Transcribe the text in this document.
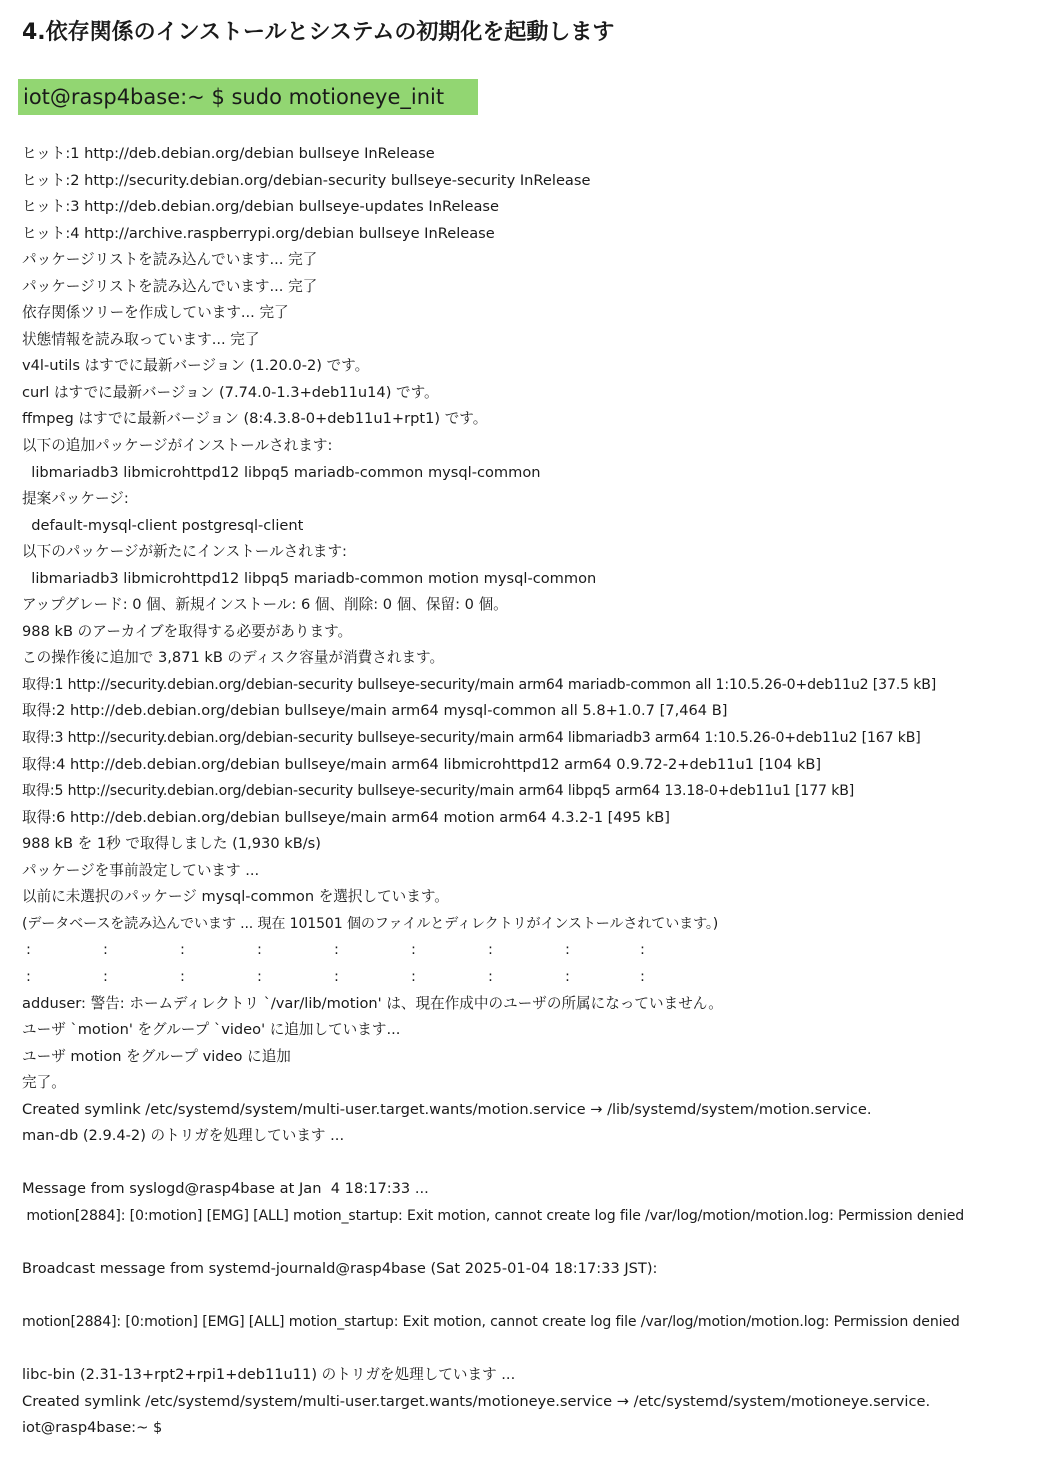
4.依存関係のインストールとシステムの初期化を起動します
iot@rasp4base:~ $ sudo motioneye_init
ヒット:1 http://deb.debian.org/debian bullseye InRelease
ヒット:2 http://security.debian.org/debian-security bullseye-security InRelease
ヒット:3 http://deb.debian.org/debian bullseye-updates InRelease
ヒット:4 http://archive.raspberrypi.org/debian bullseye InRelease
パッケージリストを読み込んでいます... 完了
パッケージリストを読み込んでいます... 完了
依存関係ツリーを作成しています... 完了
状態情報を読み取っています... 完了
v4l-utils はすでに最新バージョン (1.20.0-2) です。
curl はすでに最新バージョン (7.74.0-1.3+deb11u14) です。
ffmpeg はすでに最新バージョン (8:4.3.8-0+deb11u1+rpt1) です。
以下の追加パッケージがインストールされます:
libmariadb3 libmicrohttpd12 libpq5 mariadb-common mysql-common
提案パッケージ:
default-mysql-client postgresql-client
以下のパッケージが新たにインストールされます:
libmariadb3 libmicrohttpd12 libpq5 mariadb-common motion mysql-common
アップグレード: 0 個、新規インストール: 6 個、削除: 0 個、保留: 0 個。
988 kB のアーカイブを取得する必要があります。
この操作後に追加で 3,871 kB のディスク容量が消費されます。
取得:1 http://security.debian.org/debian-security bullseye-security/main arm64 mariadb-common all 1:10.5.26-0+deb11u2 [37.5 kB]
取得:2 http://deb.debian.org/debian bullseye/main arm64 mysql-common all 5.8+1.0.7 [7,464 B]
取得:3 http://security.debian.org/debian-security bullseye-security/main arm64 libmariadb3 arm64 1:10.5.26-0+deb11u2 [167 kB]
取得:4 http://deb.debian.org/debian bullseye/main arm64 libmicrohttpd12 arm64 0.9.72-2+deb11u1 [104 kB]
取得:5 http://security.debian.org/debian-security bullseye-security/main arm64 libpq5 arm64 13.18-0+deb11u1 [177 kB]
取得:6 http://deb.debian.org/debian bullseye/main arm64 motion arm64 4.3.2-1 [495 kB]
988 kB を 1秒 で取得しました (1,930 kB/s)
パッケージを事前設定しています ...
以前に未選択のパッケージ mysql-common を選択しています。
(データベースを読み込んでいます ... 現在 101501 個のファイルとディレクトリがインストールされています。)

:

	:

	:

	:

	:

	:

	:

	:

	:

:

	:

	:

	:

	:

	:

	:

	:

	:

adduser: 警告: ホームディレクトリ `/var/lib/motion' は、現在作成中のユーザの所属になっていません。
ユーザ `motion' をグループ `video' に追加しています...
ユーザ motion をグループ video に追加
完了。
Created symlink /etc/systemd/system/multi-user.target.wants/motion.service → /lib/systemd/system/motion.service.
man-db (2.9.4-2) のトリガを処理しています ...
Message from syslogd@rasp4base at Jan  4 18:17:33 ...
motion[2884]: [0:motion] [EMG] [ALL] motion_startup: Exit motion, cannot create log file /var/log/motion/motion.log: Permission denied
Broadcast message from systemd-journald@rasp4base (Sat 2025-01-04 18:17:33 JST):
motion[2884]: [0:motion] [EMG] [ALL] motion_startup: Exit motion, cannot create log file /var/log/motion/motion.log: Permission denied
libc-bin (2.31-13+rpt2+rpi1+deb11u11) のトリガを処理しています ...
Created symlink /etc/systemd/system/multi-user.target.wants/motioneye.service → /etc/systemd/system/motioneye.service.
iot@rasp4base:~ $
